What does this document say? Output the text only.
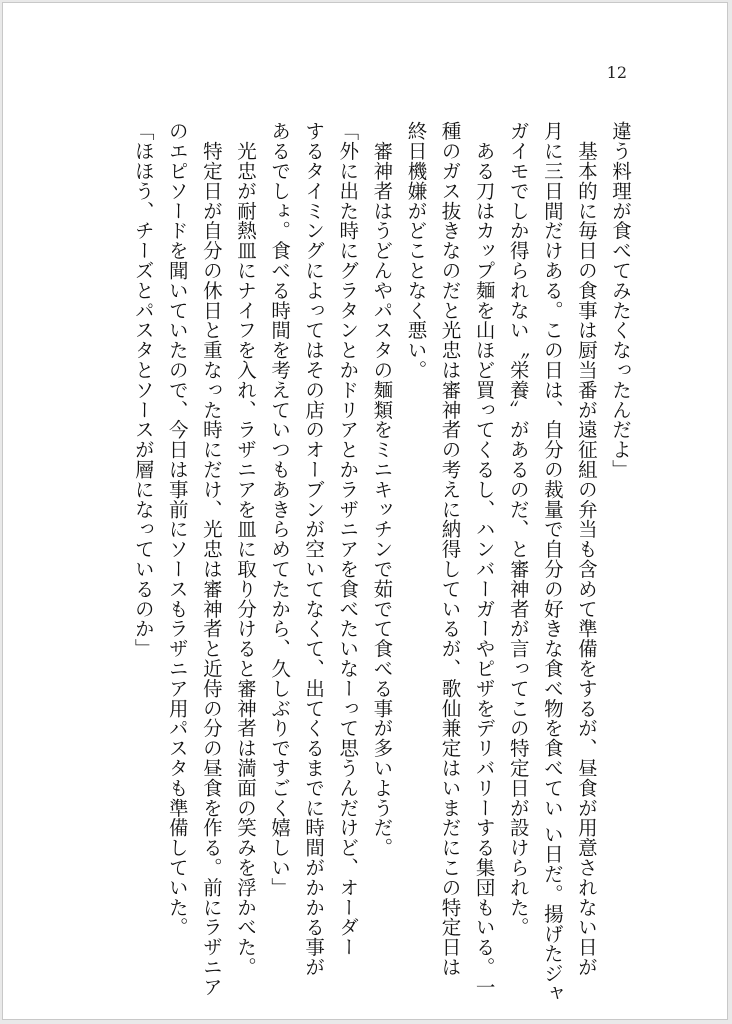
12
違う料理が食べてみたくなったんだよ」
　基本的に毎日の食事は厨当番が遠征組の弁当も含めて準備をするが、昼食が用意されない日が
月に三日間だけある。この日は、自分の裁量で自分の好きな食べ物を食べてい い日だ。揚げたジャ
ガイモでしか得られない〝栄養〟があるのだ、と審神者が言ってこの特定日が設けられた。
　ある刀はカップ麺を山ほど買ってくるし、ハンバーガーやピザをデリバリーする集団もいる。一
種のガス抜きなのだと光忠は審神者の考えに納得しているが、歌仙兼定はいまだにこの特定日は
終日機嫌がどことなく悪い。
　審神者はうどんやパスタの麺類をミニキッチンで茹でて食べる事が多いようだ。
「外に出た時にグラタンとかドリアとかラザニアを食べたいなーって思うんだけど、オーダー
するタイミングによってはその店のオーブンが空いてなくて、出てくるまでに時間がかかる事が
あるでしょ。食べる時間を考えていつもあきらめてたから、久しぶりですごく嬉しい」
　光忠が耐熱皿にナイフを入れ、ラザニアを皿に取り分けると審神者は満面の笑みを浮かべた。
　特定日が自分の休日と重なった時にだけ、光忠は審神者と近侍の分の昼食を作る。前にラザニア
のエピソードを聞いていたので、今日は事前にソースもラザニア用パスタも準備していた。
「ほほう、チーズとパスタとソースが層になっているのか」
